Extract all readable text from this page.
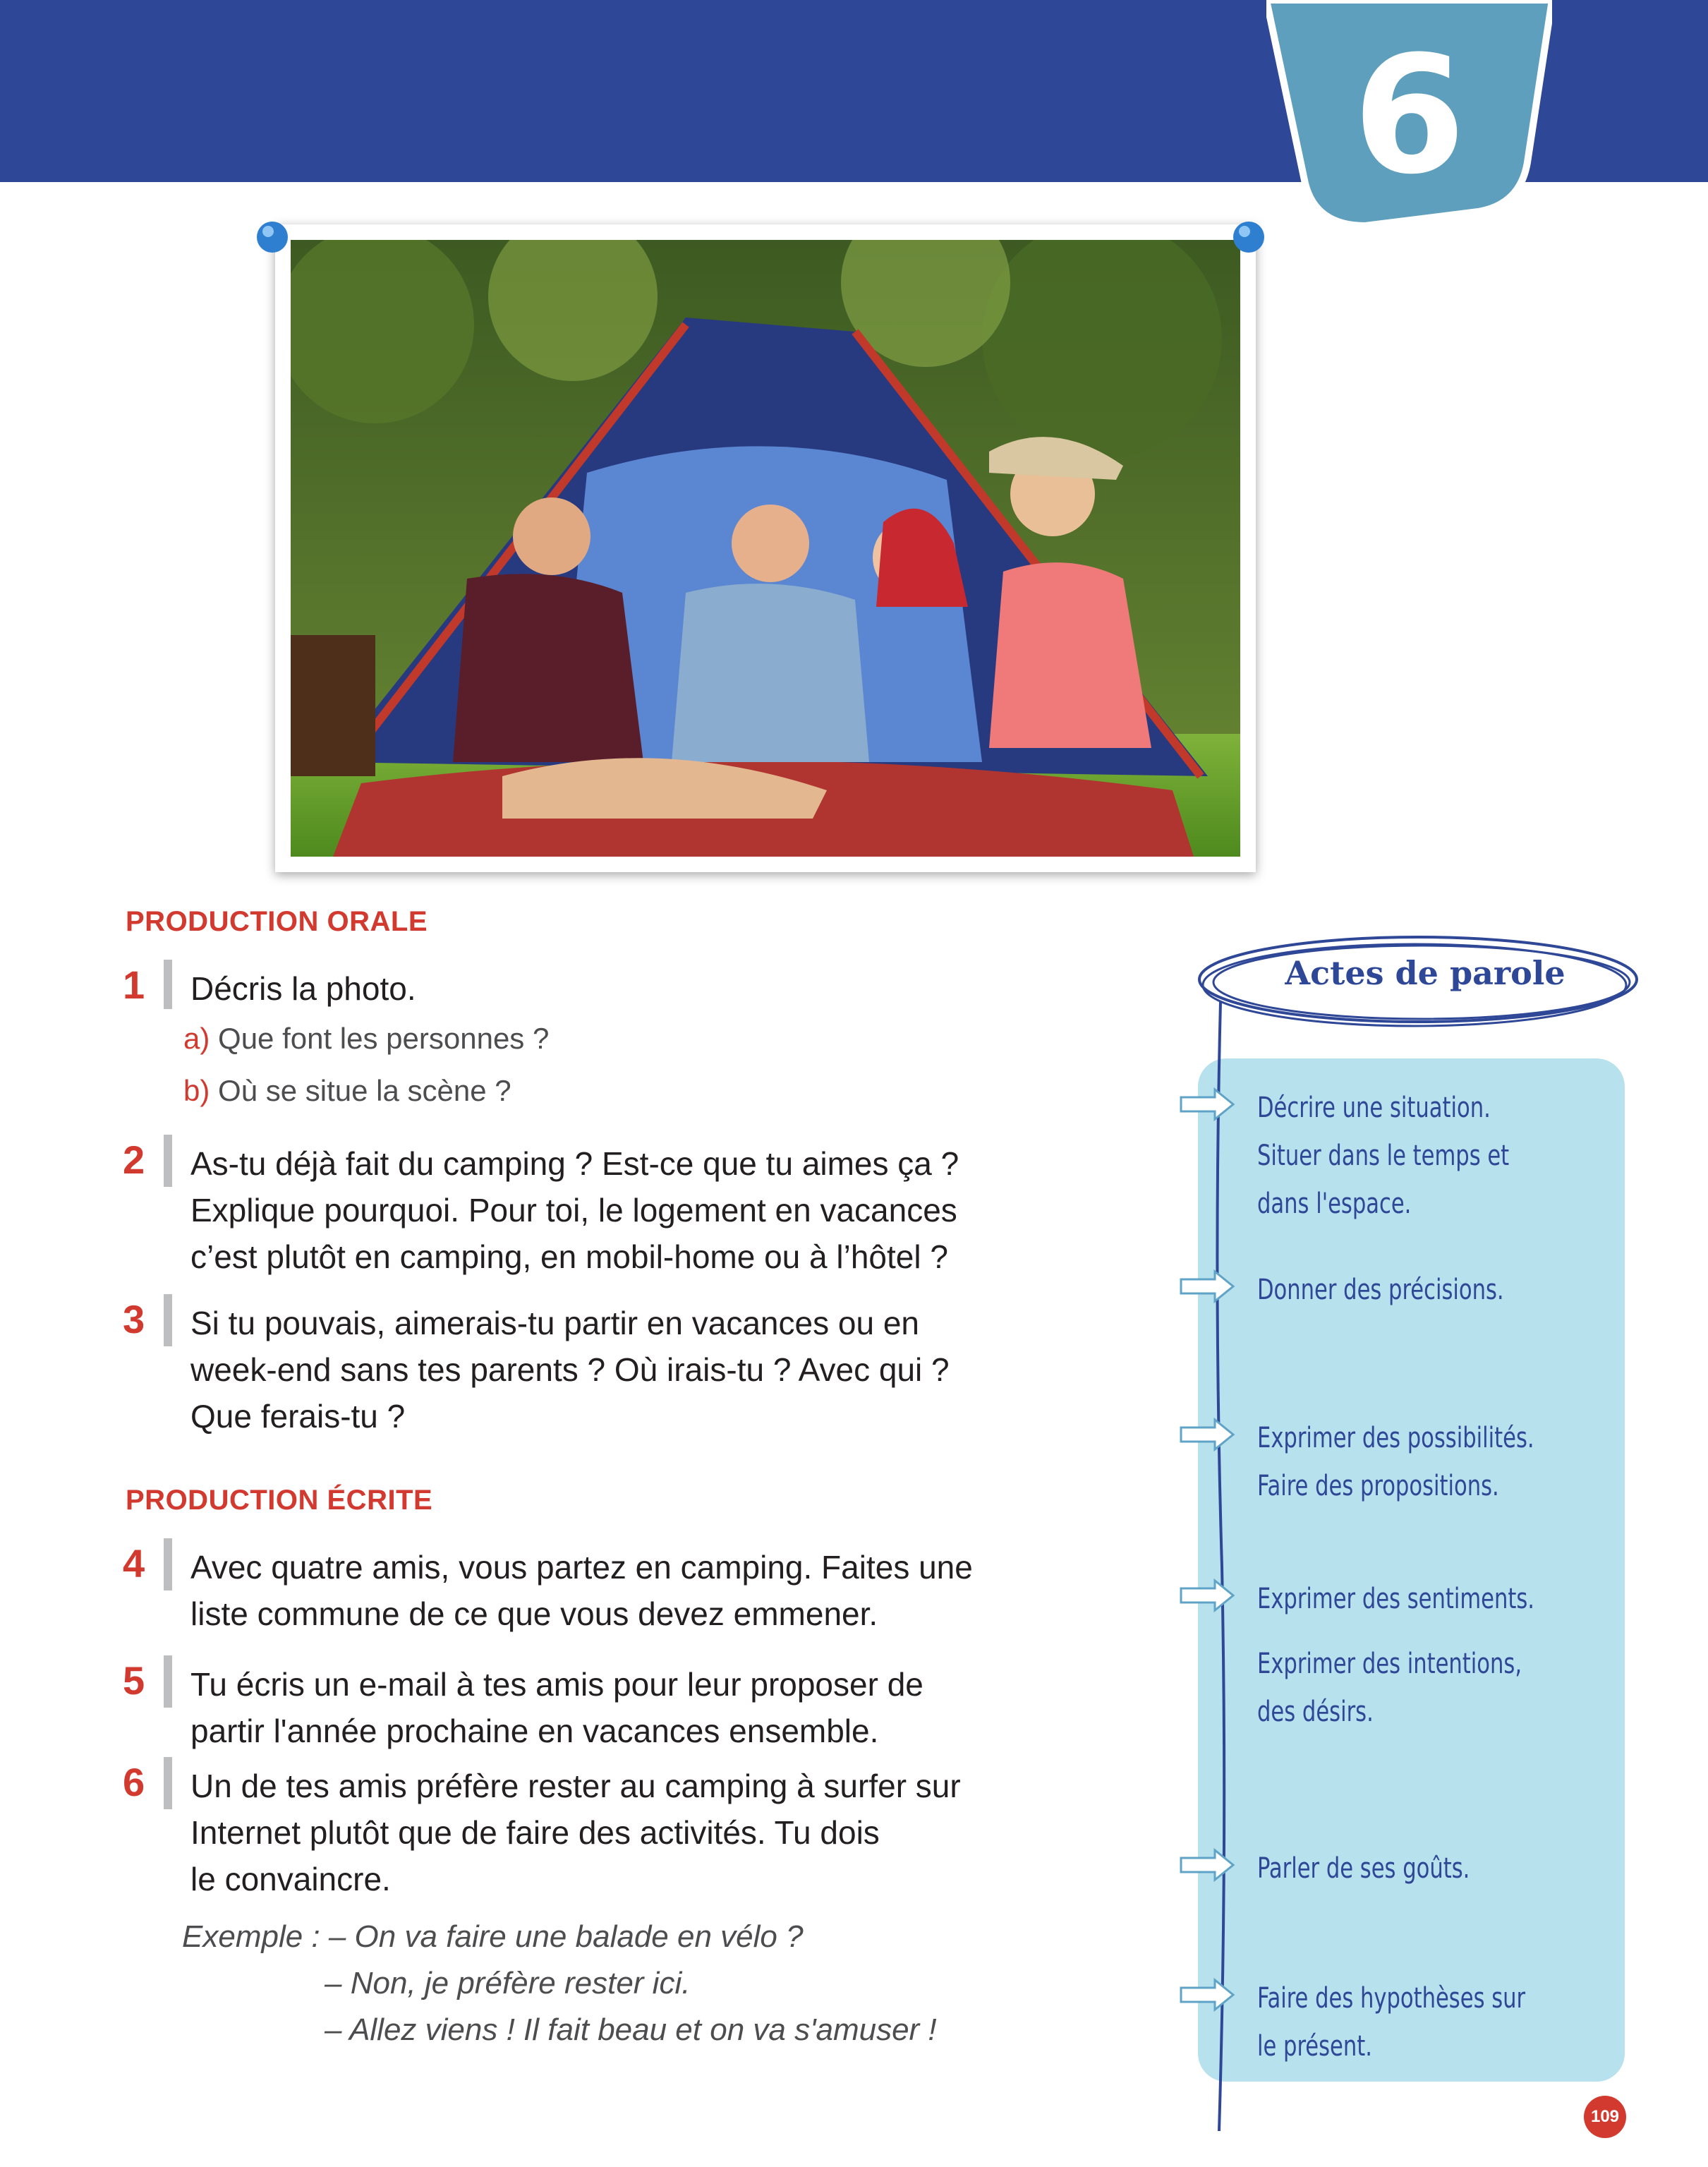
6
PRODUCTION ORALE
1	Décris la photo.
a) Que font les personnes ?
b) Où se situe la scène ?
2	As-tu déjà fait du camping ? Est-ce que tu aimes ça ?
Explique pourquoi. Pour toi, le logement en vacances
c’est plutôt en camping, en mobil-home ou à l’hôtel ?
3	Si tu pouvais, aimerais-tu partir en vacances ou en
week-end sans tes parents ? Où irais-tu ? Avec qui ?
Que ferais-tu ?
PRODUCTION ÉCRITE
4	Avec quatre amis, vous partez en camping. Faites une
liste commune de ce que vous devez emmener.
5	Tu écris un e-mail à tes amis pour leur proposer de
partir l'année prochaine en vacances ensemble.
6	Un de tes amis préfère rester au camping à surfer sur
Internet plutôt que de faire des activités. Tu dois
le convaincre.
Exemple : – On va faire une balade en vélo ?
– Non, je préfère rester ici.
– Allez viens ! Il fait beau et on va s'amuser !
Actes de parole
Décrire une situation.
Situer dans le temps et
dans l'espace.
Donner des précisions.
Exprimer des possibilités.
Faire des propositions.
Exprimer des sentiments.
Exprimer des intentions,
des désirs.
Parler de ses goûts.
Faire des hypothèses sur
le présent.
109
